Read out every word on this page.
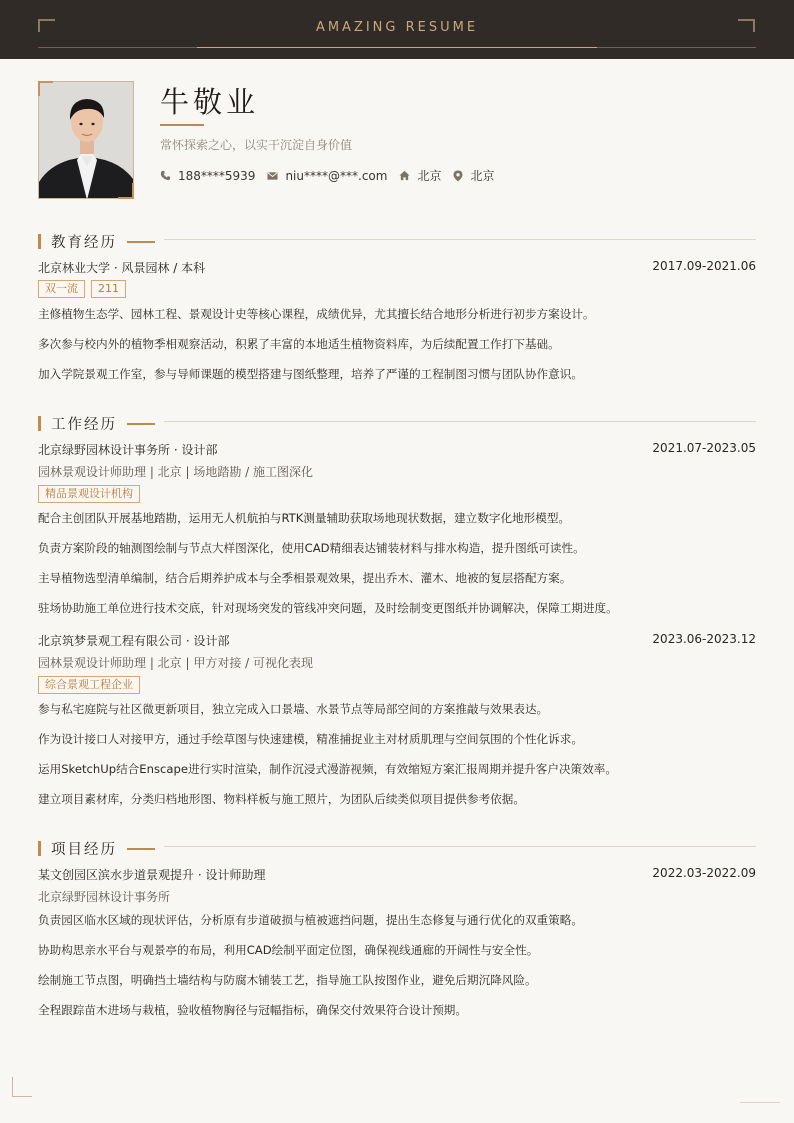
AMAZING RESUME
牛敬业
常怀探索之心，以实干沉淀自身价值
188****5939	niu****@***.com	北京 北京
教育经历
北京林业大学 · 风景园林 / 本科	2017.09-2021.06
双一流	211
主修植物生态学、园林工程、景观设计史等核心课程，成绩优异，尤其擅长结合地形分析进行初步方案设计。
多次参与校内外的植物季相观察活动，积累了丰富的本地适生植物资料库，为后续配置工作打下基础。
加入学院景观工作室，参与导师课题的模型搭建与图纸整理，培养了严谨的工程制图习惯与团队协作意识。
工作经历
北京绿野园林设计事务所 · 设计部	2021.07-2023.05
园林景观设计师助理 | 北京 | 场地踏勘 / 施工图深化
精品景观设计机构
配合主创团队开展基地踏勘，运用无人机航拍与RTK测量辅助获取场地现状数据，建立数字化地形模型。
负责方案阶段的轴测图绘制与节点大样图深化，使用CAD精细表达铺装材料与排水构造，提升图纸可读性。
主导植物选型清单编制，结合后期养护成本与全季相景观效果，提出乔木、灌木、地被的复层搭配方案。
驻场协助施工单位进行技术交底，针对现场突发的管线冲突问题，及时绘制变更图纸并协调解决，保障工期进度。
北京筑梦景观工程有限公司 · 设计部	2023.06-2023.12
园林景观设计师助理 | 北京 | 甲方对接 / 可视化表现
综合景观工程企业
参与私宅庭院与社区微更新项目，独立完成入口景墙、水景节点等局部空间的方案推敲与效果表达。
作为设计接口人对接甲方，通过手绘草图与快速建模，精准捕捉业主对材质肌理与空间氛围的个性化诉求。
运用SketchUp结合Enscape进行实时渲染，制作沉浸式漫游视频，有效缩短方案汇报周期并提升客户决策效率。
建立项目素材库，分类归档地形图、物料样板与施工照片，为团队后续类似项目提供参考依据。
项目经历
某文创园区滨水步道景观提升 · 设计师助理	2022.03-2022.09
北京绿野园林设计事务所
负责园区临水区域的现状评估，分析原有步道破损与植被遮挡问题，提出生态修复与通行优化的双重策略。
协助构思亲水平台与观景亭的布局，利用CAD绘制平面定位图，确保视线通廊的开阔性与安全性。
绘制施工节点图，明确挡土墙结构与防腐木铺装工艺，指导施工队按图作业，避免后期沉降风险。
全程跟踪苗木进场与栽植，验收植物胸径与冠幅指标，确保交付效果符合设计预期。
